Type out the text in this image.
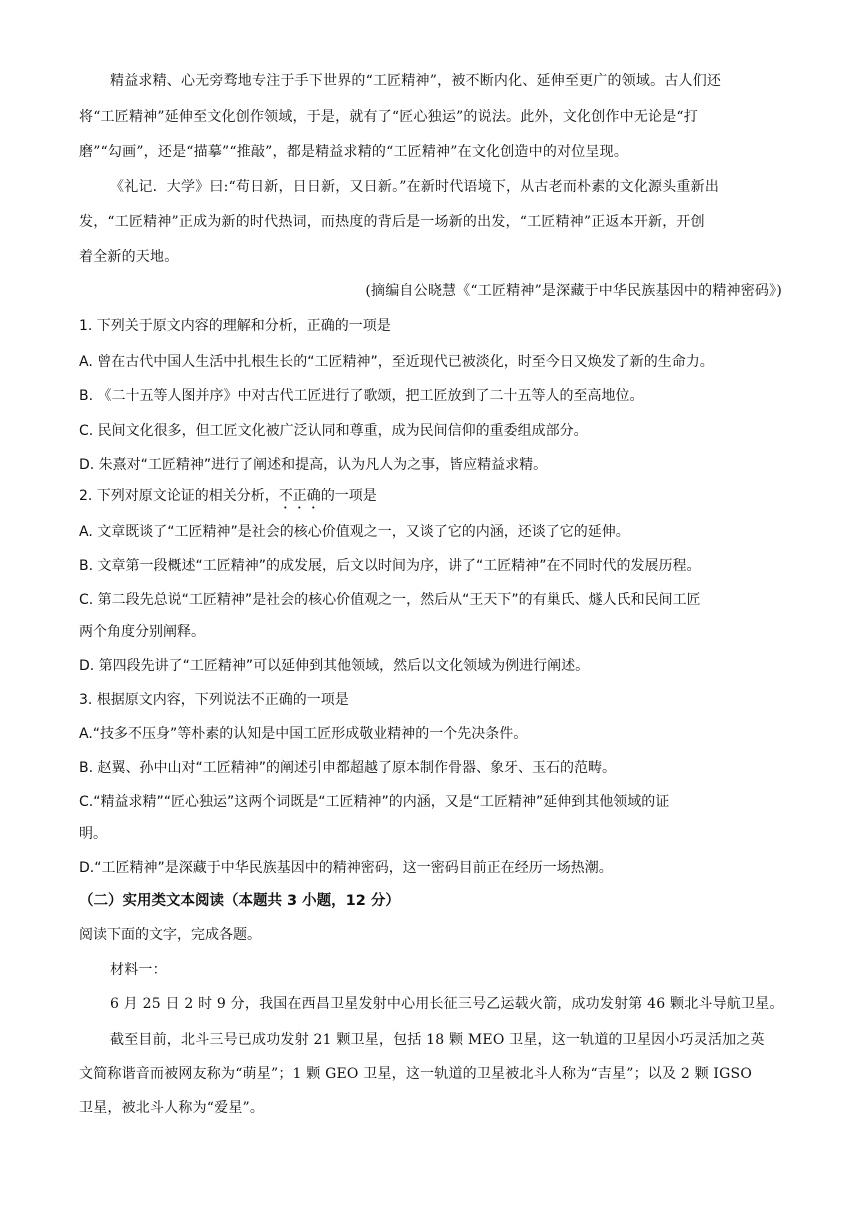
精益求精、心无旁骛地专注于手下世界的“工匠精神”，被不断内化、延伸至更广的领域。古人们还

将“工匠精神”延伸至文化创作领域，于是，就有了“匠心独运”的说法。此外，文化创作中无论是“打

磨”“勾画”，还是“描摹”“推敲”，都是精益求精的“工匠精神”在文化创造中的对位呈现。

《礼记．大学》曰:“苟日新，日日新，又日新。”在新时代语境下，从古老而朴素的文化源头重新出

发，“工匠精神”正成为新的时代热词，而热度的背后是一场新的出发，“工匠精神”正返本开新，开创

着全新的天地。

(摘编自公晓慧《“工匠精神”是深藏于中华民族基因中的精神密码》)

1. 下列关于原文内容的理解和分析，正确的一项是

A. 曾在古代中国人生活中扎根生长的“工匠精神”，至近现代已被淡化，时至今日又焕发了新的生命力。

B. 《二十五等人图并序》中对古代工匠进行了歌颂，把工匠放到了二十五等人的至高地位。

C. 民间文化很多，但工匠文化被广泛认同和尊重，成为民间信仰的重委组成部分。

D. 朱熹对“工匠精神”进行了阐述和提高，认为凡人为之事，皆应精益求精。

2. 下列对原文论证的相关分析，不正确的一项是

A. 文章既谈了“工匠精神”是社会的核心价值观之一，又谈了它的内涵，还谈了它的延伸。

B. 文章第一段概述“工匠精神”的成发展，后文以时间为序，讲了“工匠精神”在不同时代的发展历程。

C. 第二段先总说“工匠精神”是社会的核心价值观之一，然后从“王天下”的有巢氏、燧人氏和民间工匠

两个角度分别阐释。

D. 第四段先讲了“工匠精神”可以延伸到其他领域，然后以文化领域为例进行阐述。

3. 根据原文内容，下列说法不正确的一项是

A.“技多不压身”等朴素的认知是中国工匠形成敬业精神的一个先决条件。

B. 赵翼、孙中山对“工匠精神”的阐述引申都超越了原本制作骨器、象牙、玉石的范畴。

C.“精益求精”“匠心独运”这两个词既是“工匠精神”的内涵，又是“工匠精神”延伸到其他领域的证

明。

D.“工匠精神”是深藏于中华民族基因中的精神密码，这一密码目前正在经历一场热潮。

（二）实用类文本阅读（本题共 3 小题，12 分）

阅读下面的文字，完成各题。

材料一：

6 月 25 日 2 时 9 分，我国在西昌卫星发射中心用长征三号乙运载火箭，成功发射第 46 颗北斗导航卫星。

截至目前，北斗三号已成功发射 21 颗卫星，包括 18 颗 MEO 卫星，这一轨道的卫星因小巧灵活加之英

文简称谐音而被网友称为“萌星”；1 颗 GEO 卫星，这一轨道的卫星被北斗人称为“吉星”；以及 2 颗 IGSO

卫星，被北斗人称为“爱星”。
